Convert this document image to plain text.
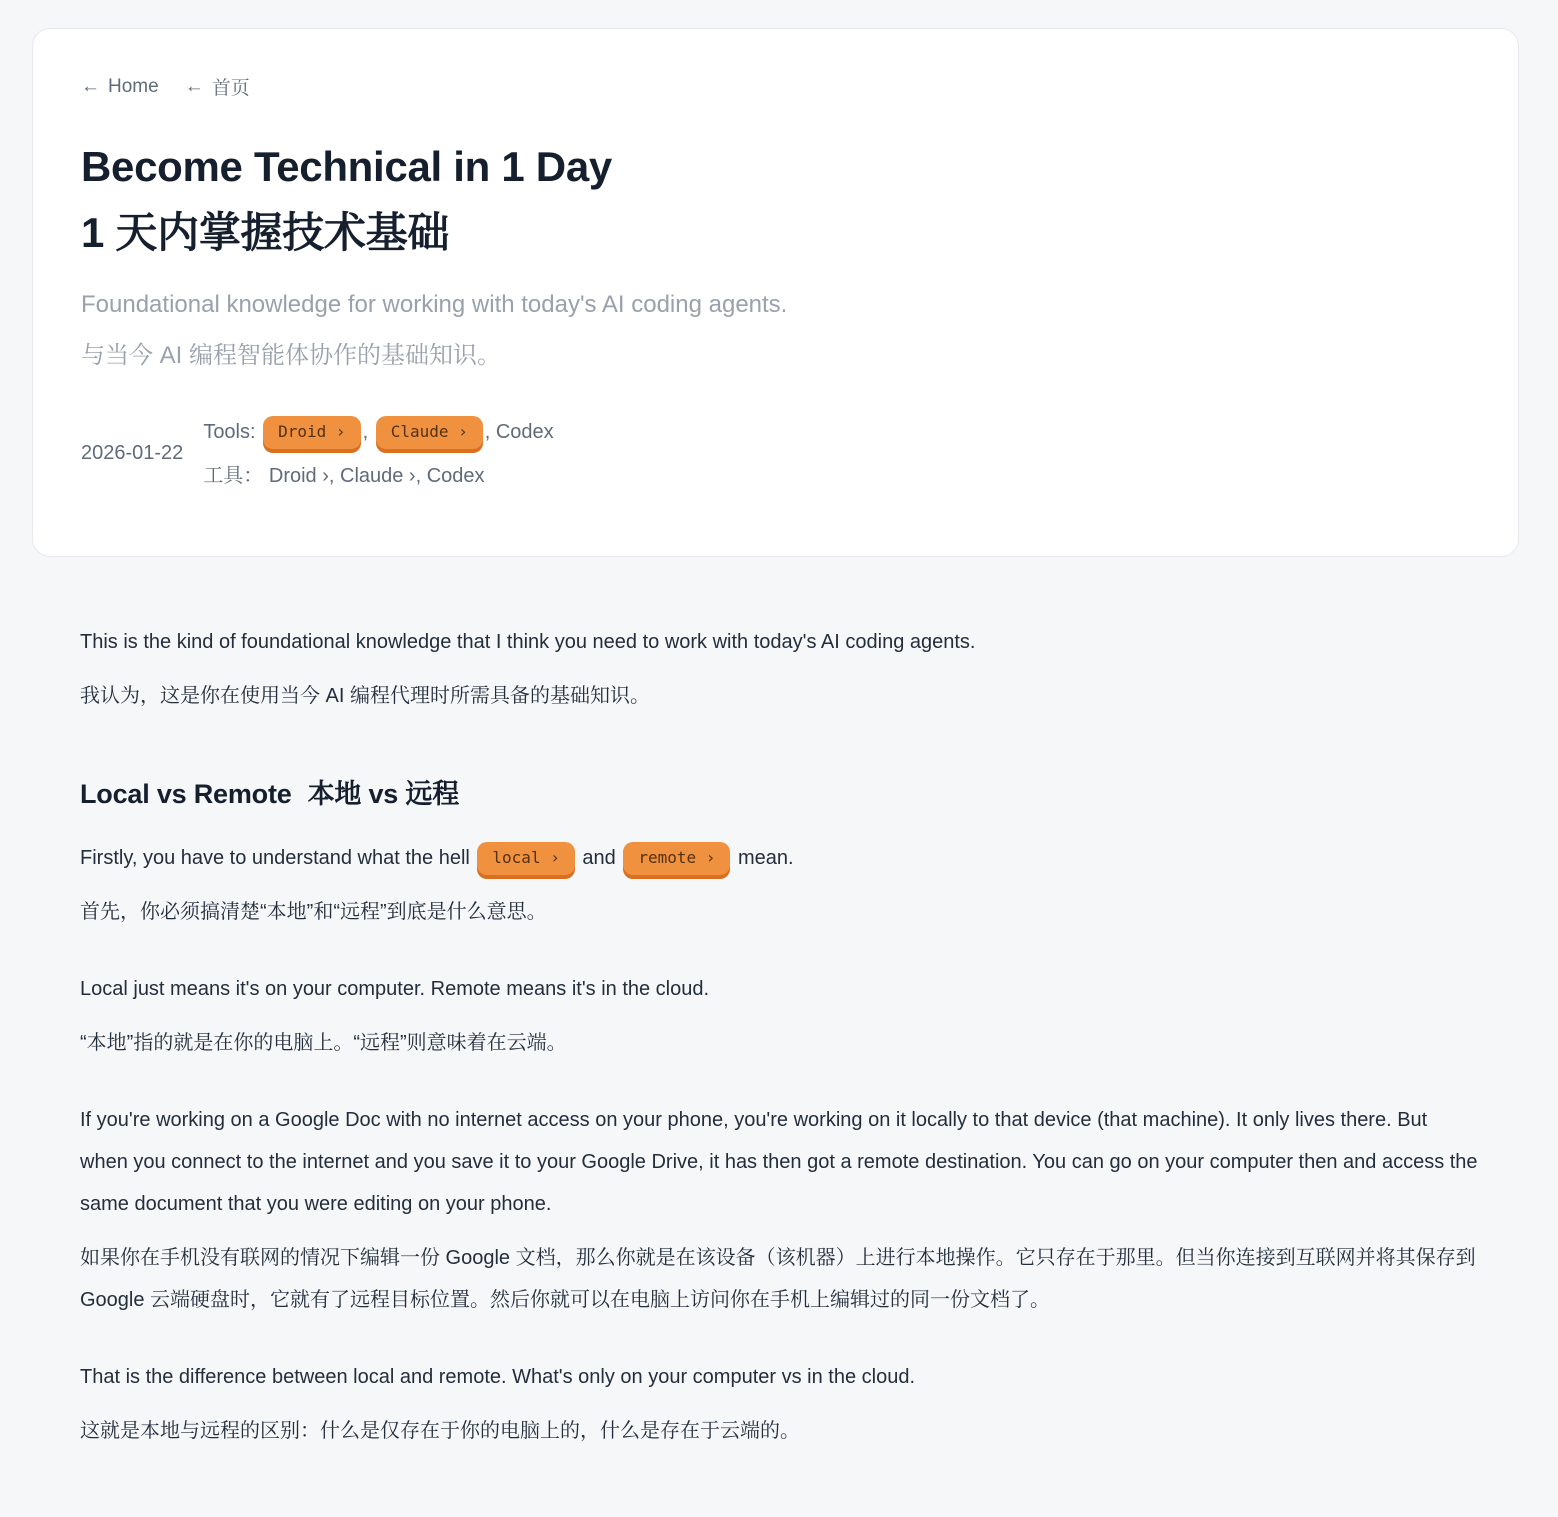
← Home ← 首页
Become Technical in 1 Day
1 天内掌握技术基础
Foundational knowledge for working with today's AI coding agents.
与当今 AI 编程智能体协作的基础知识。
2026-01-22
Tools: Droid › , Claude › , Codex
工具： Droid ›, Claude ›, Codex

This is the kind of foundational knowledge that I think you need to work with today's AI coding agents.

我认为，这是你在使用当今 AI 编程代理时所需具备的基础知识。

Local vs Remote 本地 vs 远程

Firstly, you have to understand what the hell local › and remote › mean.

首先，你必须搞清楚“本地”和“远程”到底是什么意思。

Local just means it's on your computer. Remote means it's in the cloud.

“本地”指的就是在你的电脑上。“远程”则意味着在云端。

If you're working on a Google Doc with no internet access on your phone, you're working on it locally to that device (that machine). It only lives there. But when you connect to the internet and you save it to your Google Drive, it has then got a remote destination. You can go on your computer then and access the same document that you were editing on your phone.

如果你在手机没有联网的情况下编辑一份 Google 文档，那么你就是在该设备（该机器）上进行本地操作。它只存在于那里。但当你连接到互联网并将其保存到 Google 云端硬盘时，它就有了远程目标位置。然后你就可以在电脑上访问你在手机上编辑过的同一份文档了。

That is the difference between local and remote. What's only on your computer vs in the cloud.

这就是本地与远程的区别：什么是仅存在于你的电脑上的，什么是存在于云端的。
